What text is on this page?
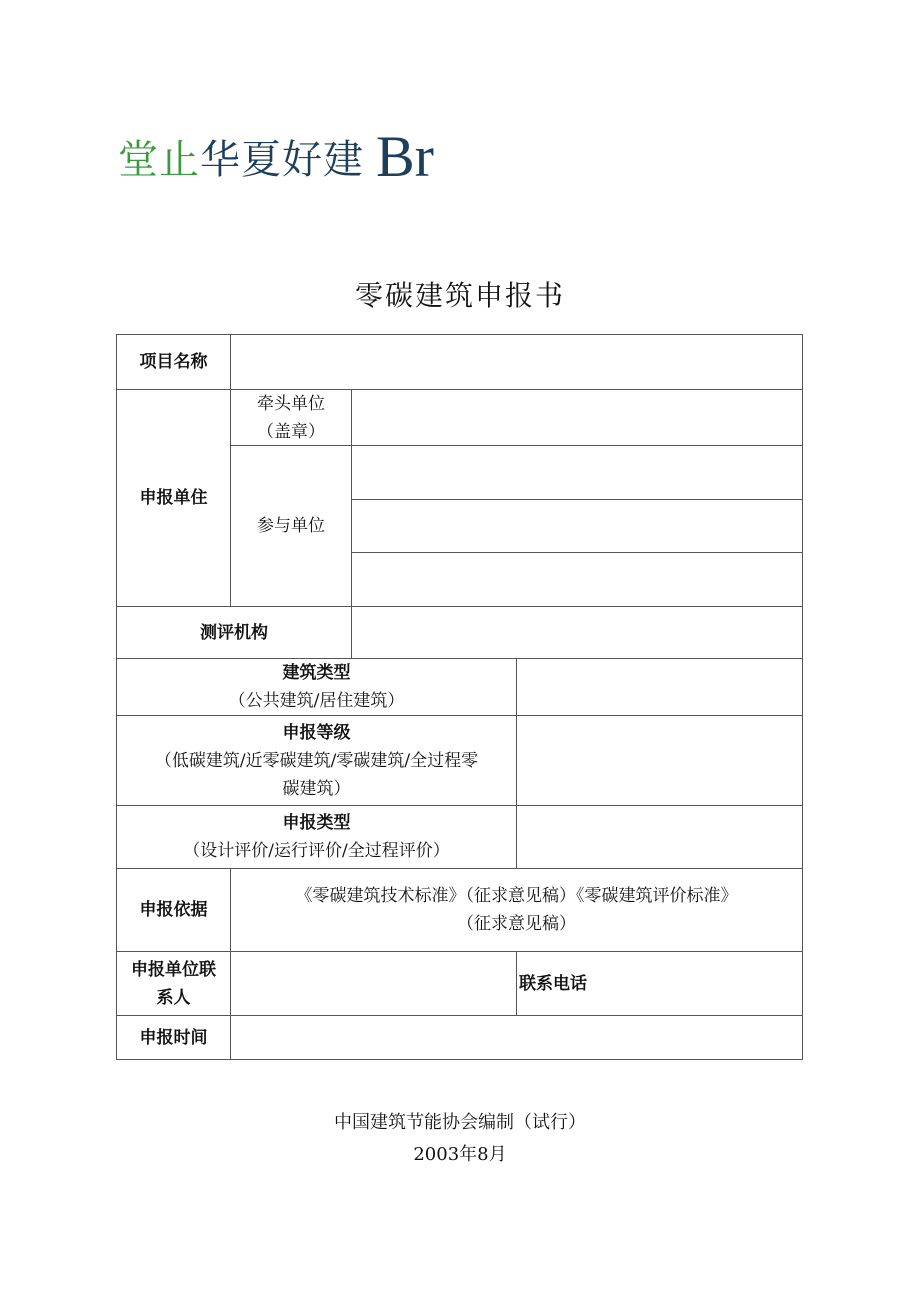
堂止 华夏好建 Br
零碳建筑申报书
项目名称
申报单住
牵头单位
（盖章）
参与单位
测评机构
建筑类型
（公共建筑/居住建筑）
申报等级
（低碳建筑/近零碳建筑/零碳建筑/全过程零
碳建筑）
申报类型
（设计评价/运行评价/全过程评价）
申报依据
《零碳建筑技术标准》（征求意见稿）《零碳建筑评价标准》
（征求意见稿）
申报单位联
系人
联系电话
申报时间
中国建筑节能协会编制（试行）
2003年8月
